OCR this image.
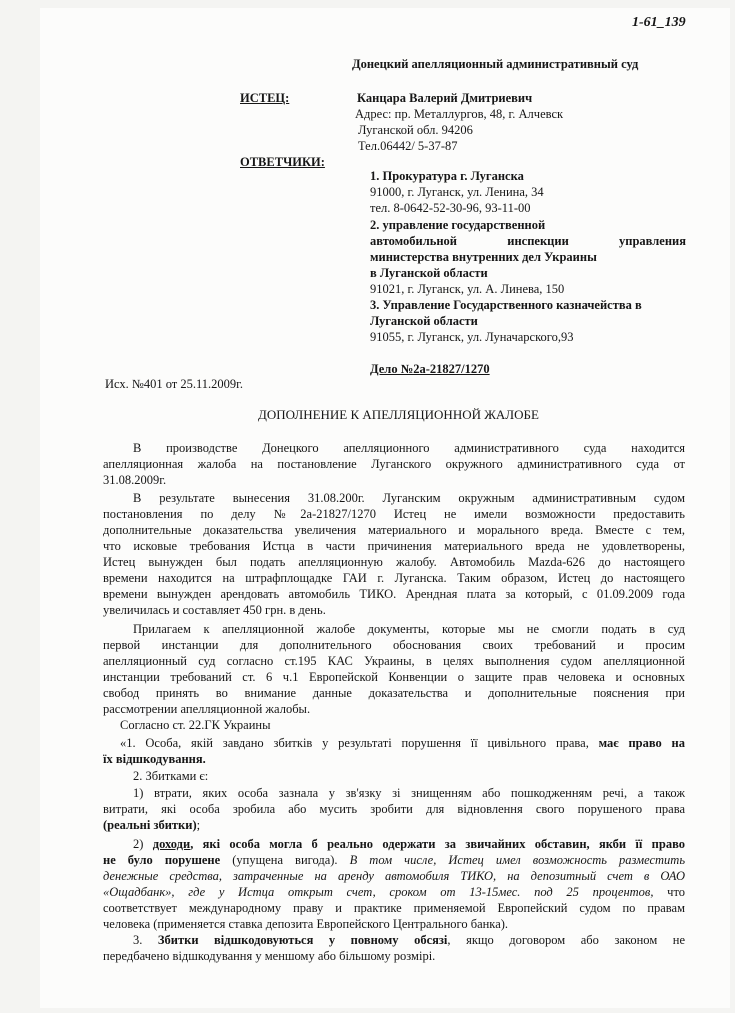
1-61_139
Донецкий апелляционный административный суд
ИСТЕЦ:	Канцара Валерий Дмитриевич
Адрес: пр. Металлургов, 48, г. Алчевск
Луганской обл. 94206
Тел.06442/ 5-37-87
ОТВЕТЧИКИ:
1. Прокуратура г. Луганска
91000, г. Луганск, ул. Ленина, 34
тел. 8-0642-52-30-96, 93-11-00
2. управление государственной
автомобильной инспекции управления
министерства внутренних дел Украины
в Луганской области
91021, г. Луганск, ул. А. Линева, 150
3. Управление Государственного казначейства в
Луганской области
91055, г. Луганск, ул. Луначарского,93
Дело №2а-21827/1270
Исх. №401 от 25.11.2009г.
ДОПОЛНЕНИЕ К АПЕЛЛЯЦИОННОЙ ЖАЛОБЕ
В производстве Донецкого апелляционного административного суда находится
апелляционная жалоба на постановление Луганского окружного административного суда от
31.08.2009г.
В результате вынесения 31.08.200г. Луганским окружным административным судом
постановления по делу №2а-21827/1270 Истец не имели возможности предоставить
дополнительные доказательства увеличения материального и морального вреда. Вместе с тем,
что исковые требования Истца в части причинения материального вреда не удовлетворены,
Истец вынужден был подать апелляционную жалобу. Автомобиль Mazda-626 до настоящего
времени находится на штрафплощадке ГАИ г. Луганска. Таким образом, Истец до настоящего
времени вынужден арендовать автомобиль ТИКО. Арендная плата за который, с 01.09.2009 года
увеличилась и составляет 450 грн. в день.
Прилагаем к апелляционной жалобе документы, которые мы не смогли подать в суд
первой инстанции для дополнительного обоснования своих требований и просим
апелляционный суд согласно ст.195 КАС Украины, в целях выполнения судом апелляционной
инстанции требований ст. 6 ч.1 Европейской Конвенции о защите прав человека и основных
свобод принять во внимание данные доказательства и дополнительные пояснения при
рассмотрении апелляционной жалобы.
Согласно ст. 22.ГК Украины
«1. Особа, якій завдано збитків у результаті порушення її цивільного права, має право на
їх відшкодування.
2. Збитками є:
1) втрати, яких особа зазнала у зв'язку зі знищенням або пошкодженням речі, а також
витрати, які особа зробила або мусить зробити для відновлення свого порушеного права
(реальні збитки);
2) доходи, які особа могла б реально одержати за звичайних обставин, якби її право
не було порушене (упущена вигода). В том числе, Истец имел возможность разместить
денежные средства, затраченные на аренду автомобиля ТИКО, на депозитный счет в ОАО
«Ощадбанк», где у Истца открыт счет, сроком от 13-15мес. под 25 процентов, что
соответствует международному праву и практике применяемой Европейский судом по правам
человека (применяется ставка депозита Европейского Центрального банка).
3. Збитки відшкодовуються у повному обсязі, якщо договором або законом не
передбачено відшкодування у меншому або більшому розмірі.
